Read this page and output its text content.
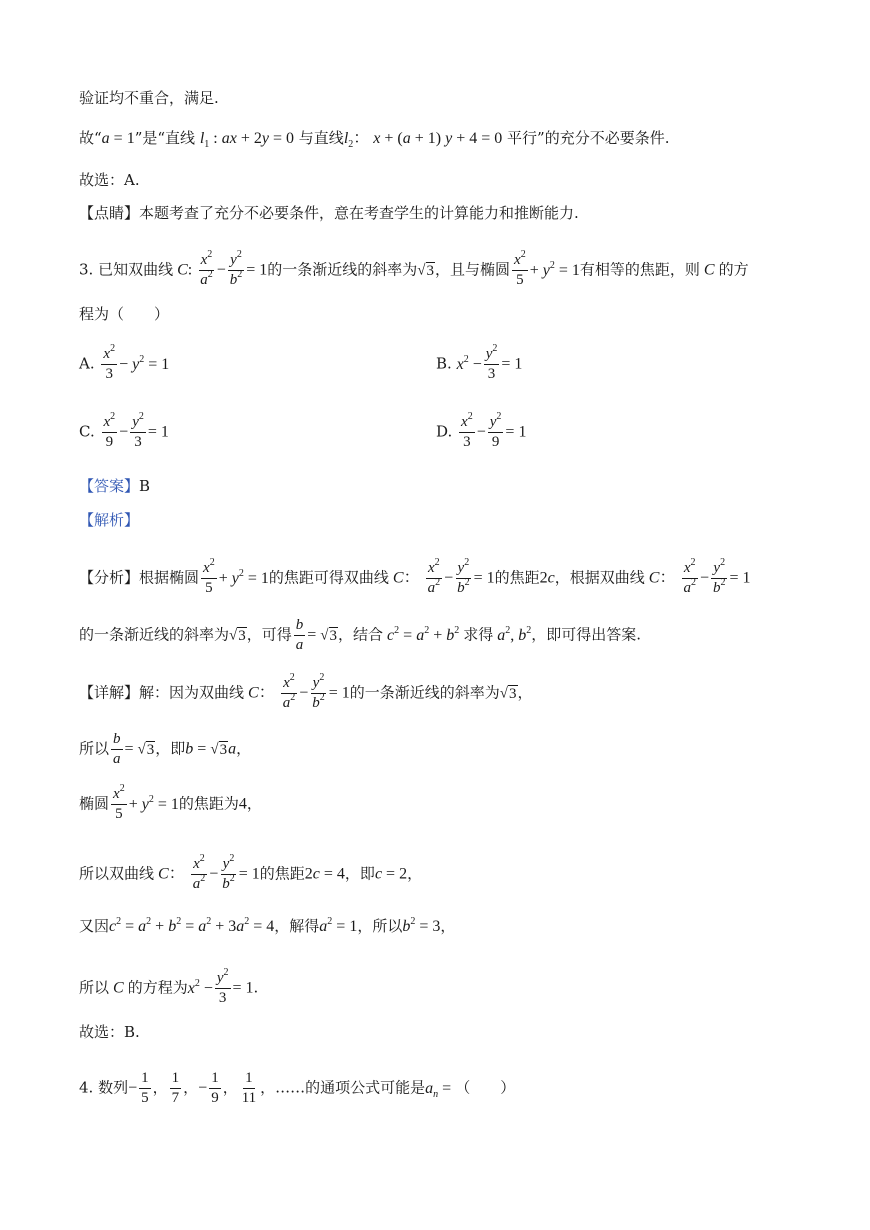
验证均不重合，满足.
故“a = 1”是“直线 $l_1$ : ax + 2y = 0 与直线$l_2$： x + (a + 1) y + 4 = 0 平行”的充分不必要条件.
故选：A.
【点睛】本题考查了充分不必要条件，意在考查学生的计算能力和推断能力.
3. 已知双曲线 C: $\frac{x^2}{a^2} - \frac{y^2}{b^2} = 1$的一条渐近线的斜率为√3，且与椭圆 $\frac{x^2}{5} + y^2 = 1$有相等的焦距，则 C 的方
程为（　　）
A. $\frac{x^2}{3} - y^2 = 1$	B. $x^2 - \frac{y^2}{3} = 1$
C. $\frac{x^2}{9} - \frac{y^2}{3} = 1$	D. $\frac{x^2}{3} - \frac{y^2}{9} = 1$
【答案】B
【解析】
【分析】根据椭圆 $\frac{x^2}{5} + y^2 = 1$的焦距可得双曲线 C： $\frac{x^2}{a^2} - \frac{y^2}{b^2} = 1$的焦距2c，根据双曲线 C： $\frac{x^2}{a^2} - \frac{y^2}{b^2} = 1$
的一条渐近线的斜率为√3，可得 $\frac{b}{a} = √3$，结合 $c^2 = a^2 + b^2$ 求得 $a^2$, $b^2$，即可得出答案.
【详解】解：因为双曲线 C： $\frac{x^2}{a^2} - \frac{y^2}{b^2} = 1$的一条渐近线的斜率为√3，
所以 $\frac{b}{a} = √3$，即b = √3a，
椭圆 $\frac{x^2}{5} + y^2 = 1$的焦距为4，
所以双曲线 C： $\frac{x^2}{a^2} - \frac{y^2}{b^2} = 1$的焦距2c = 4，即c = 2，
又因$c^2 = a^2 + b^2 = a^2 + 3a^2 = 4$，解得$a^2 = 1$，所以$b^2 = 3$，
所以 C 的方程为$x^2 - \frac{y^2}{3} = 1$.
故选：B.
4. 数列− $\frac{1}{5}$ ， $\frac{1}{7}$ ，− $\frac{1}{9}$ ， $\frac{1}{11}$ ，……的通项公式可能是$a_n$ = （　　）
